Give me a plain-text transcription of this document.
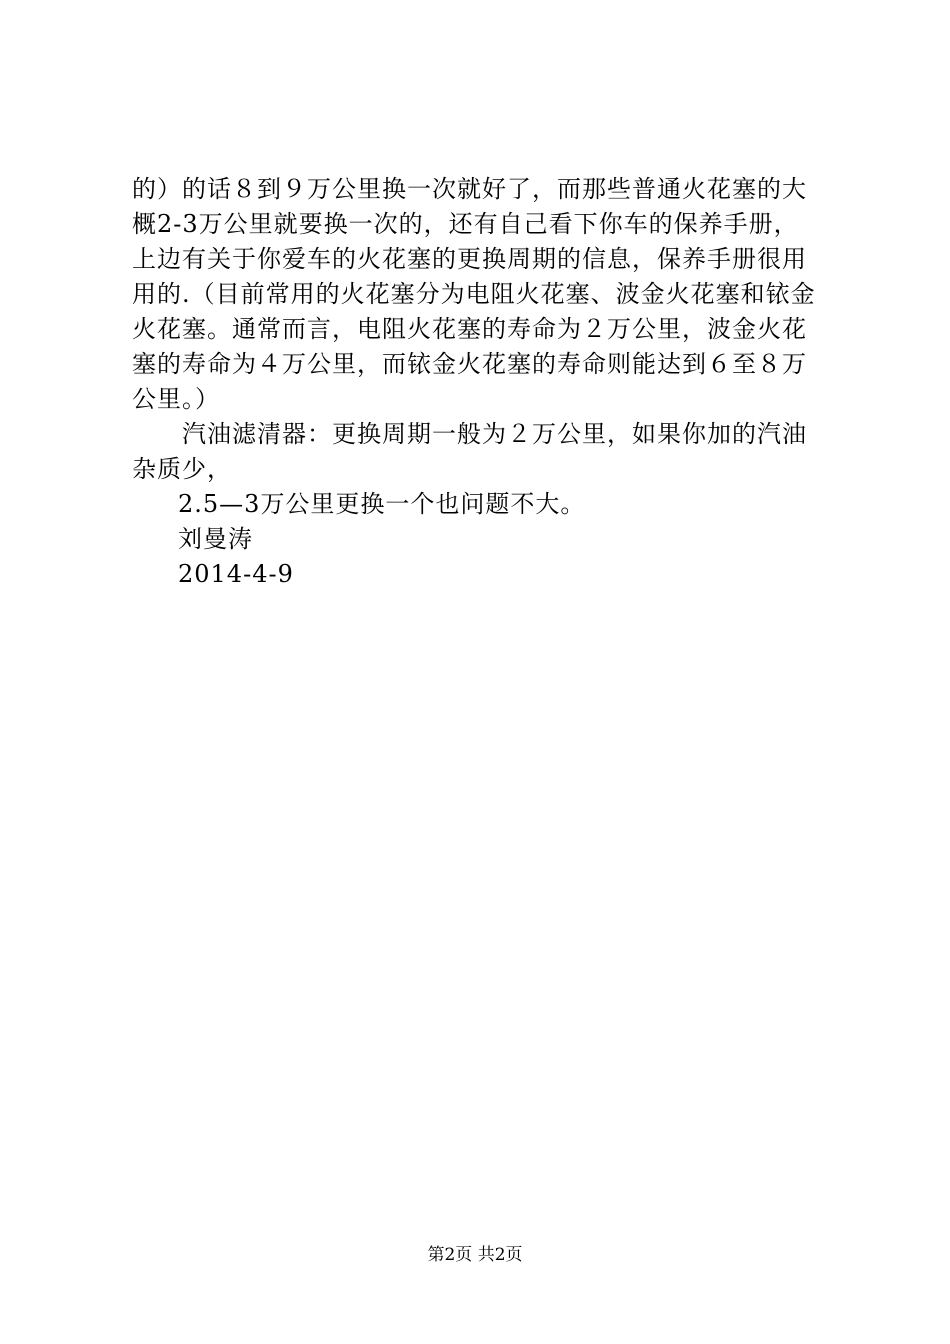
的）的话８到９万公里换一次就好了，而那些普通火花塞的大
概2-3万公里就要换一次的，还有自己看下你车的保养手册，
上边有关于你爱车的火花塞的更换周期的信息，保养手册很用
用的.（目前常用的火花塞分为电阻火花塞、波金火花塞和铱金
火花塞。通常而言，电阻火花塞的寿命为２万公里，波金火花
塞的寿命为４万公里，而铱金火花塞的寿命则能达到６至８万
公里。）
汽油滤清器：更换周期一般为２万公里，如果你加的汽油
杂质少，
2.5—3万公里更换一个也问题不大。
刘曼涛
2014-4-9
第2页 共2页
